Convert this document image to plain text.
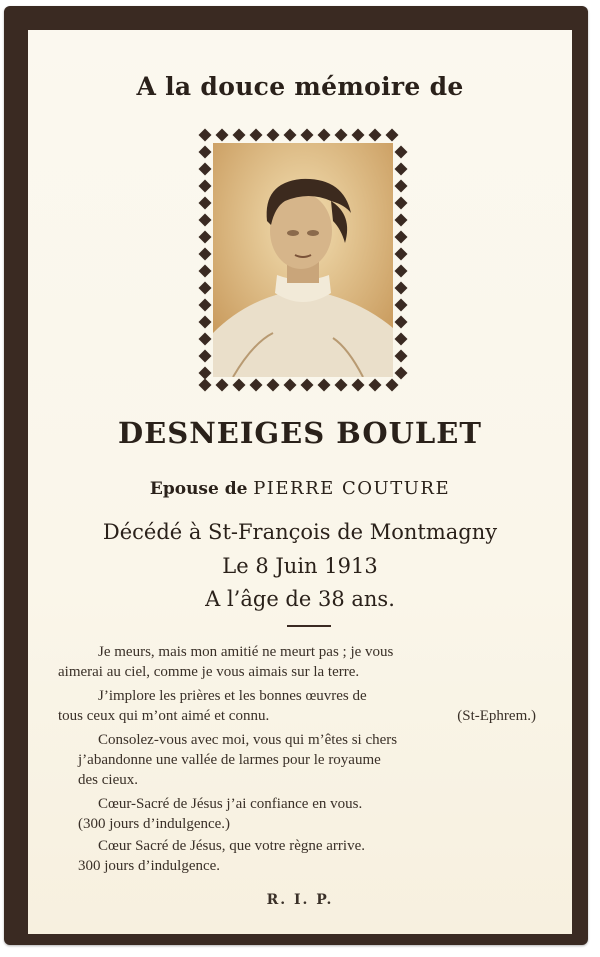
A la douce mémoire de
DESNEIGES BOULET
Epouse de PIERRE COUTURE
Décédé à St-François de Montmagny
Le 8 Juin 1913
A l’âge de 38 ans.
Je meurs, mais mon amitié ne meurt pas ; je vous
aimerai au ciel, comme je vous aimais sur la terre.
J’implore les prières et les bonnes œuvres de
tous ceux qui m’ont aimé et connu.	(St-Ephrem.)
Consolez-vous avec moi, vous qui m’êtes si chers
j’abandonne une vallée de larmes pour le royaume
des cieux.
Cœur-Sacré de Jésus j’ai confiance en vous.
(300 jours d’indulgence.)
Cœur Sacré de Jésus, que votre règne arrive.
300 jours d’indulgence.
R. I. P.
